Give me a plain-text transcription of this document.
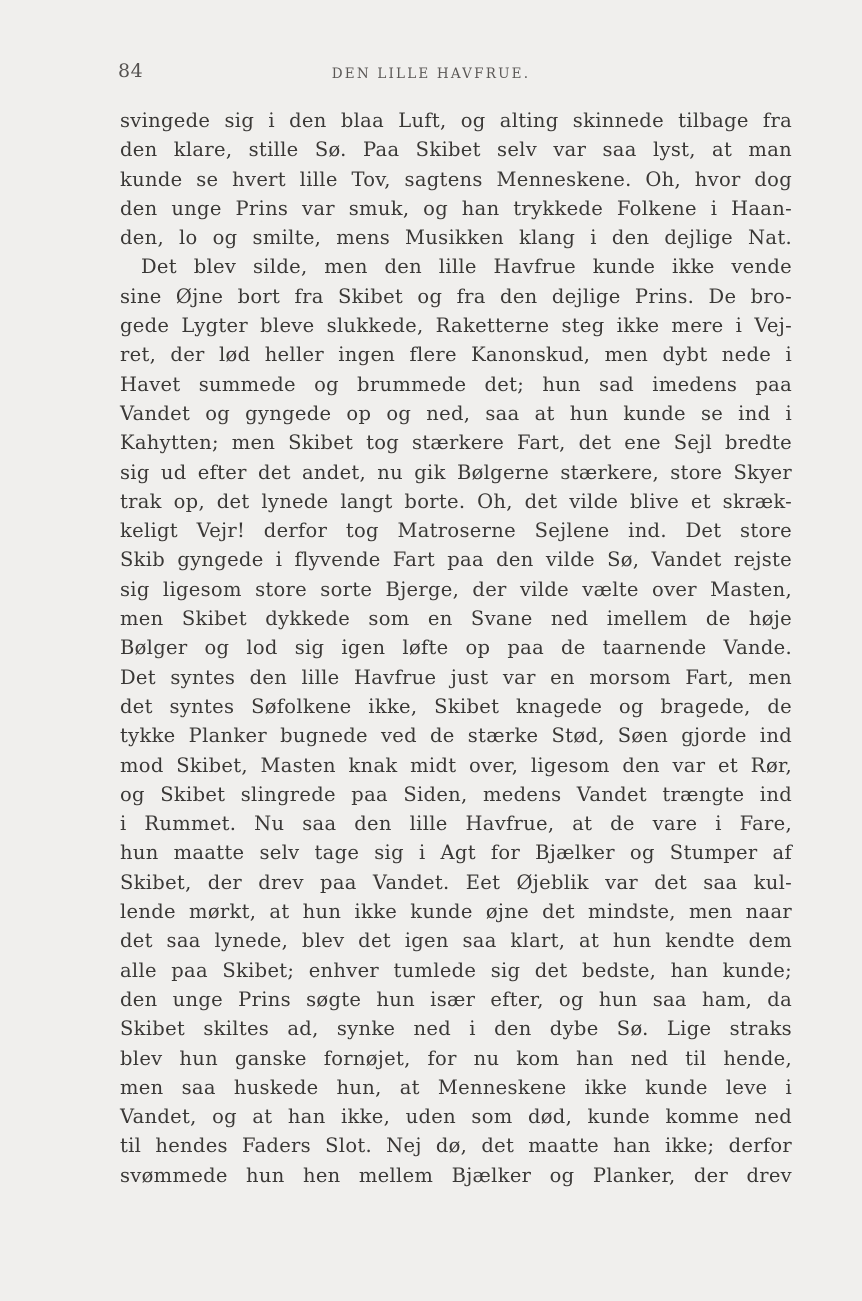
84	DEN LILLE HAVFRUE.
svingede sig i den blaa Luft, og alting skinnede tilbage fra
den klare, stille Sø. Paa Skibet selv var saa lyst, at man
kunde se hvert lille Tov, sagtens Menneskene. Oh, hvor dog
den unge Prins var smuk, og han trykkede Folkene i Haan-
den, lo og smilte, mens Musikken klang i den dejlige Nat.
Det blev silde, men den lille Havfrue kunde ikke vende
sine Øjne bort fra Skibet og fra den dejlige Prins. De bro-
gede Lygter bleve slukkede, Raketterne steg ikke mere i Vej-
ret, der lød heller ingen flere Kanonskud, men dybt nede i
Havet summede og brummede det; hun sad imedens paa
Vandet og gyngede op og ned, saa at hun kunde se ind i
Kahytten; men Skibet tog stærkere Fart, det ene Sejl bredte
sig ud efter det andet, nu gik Bølgerne stærkere, store Skyer
trak op, det lynede langt borte. Oh, det vilde blive et skræk-
keligt Vejr! derfor tog Matroserne Sejlene ind. Det store
Skib gyngede i flyvende Fart paa den vilde Sø, Vandet rejste
sig ligesom store sorte Bjerge, der vilde vælte over Masten,
men Skibet dykkede som en Svane ned imellem de høje
Bølger og lod sig igen løfte op paa de taarnende Vande.
Det syntes den lille Havfrue just var en morsom Fart, men
det syntes Søfolkene ikke, Skibet knagede og bragede, de
tykke Planker bugnede ved de stærke Stød, Søen gjorde ind
mod Skibet, Masten knak midt over, ligesom den var et Rør,
og Skibet slingrede paa Siden, medens Vandet trængte ind
i Rummet. Nu saa den lille Havfrue, at de vare i Fare,
hun maatte selv tage sig i Agt for Bjælker og Stumper af
Skibet, der drev paa Vandet. Eet Øjeblik var det saa kul-
lende mørkt, at hun ikke kunde øjne det mindste, men naar
det saa lynede, blev det igen saa klart, at hun kendte dem
alle paa Skibet; enhver tumlede sig det bedste, han kunde;
den unge Prins søgte hun især efter, og hun saa ham, da
Skibet skiltes ad, synke ned i den dybe Sø. Lige straks
blev hun ganske fornøjet, for nu kom han ned til hende,
men saa huskede hun, at Menneskene ikke kunde leve i
Vandet, og at han ikke, uden som død, kunde komme ned
til hendes Faders Slot. Nej dø, det maatte han ikke; derfor
svømmede hun hen mellem Bjælker og Planker, der drev
